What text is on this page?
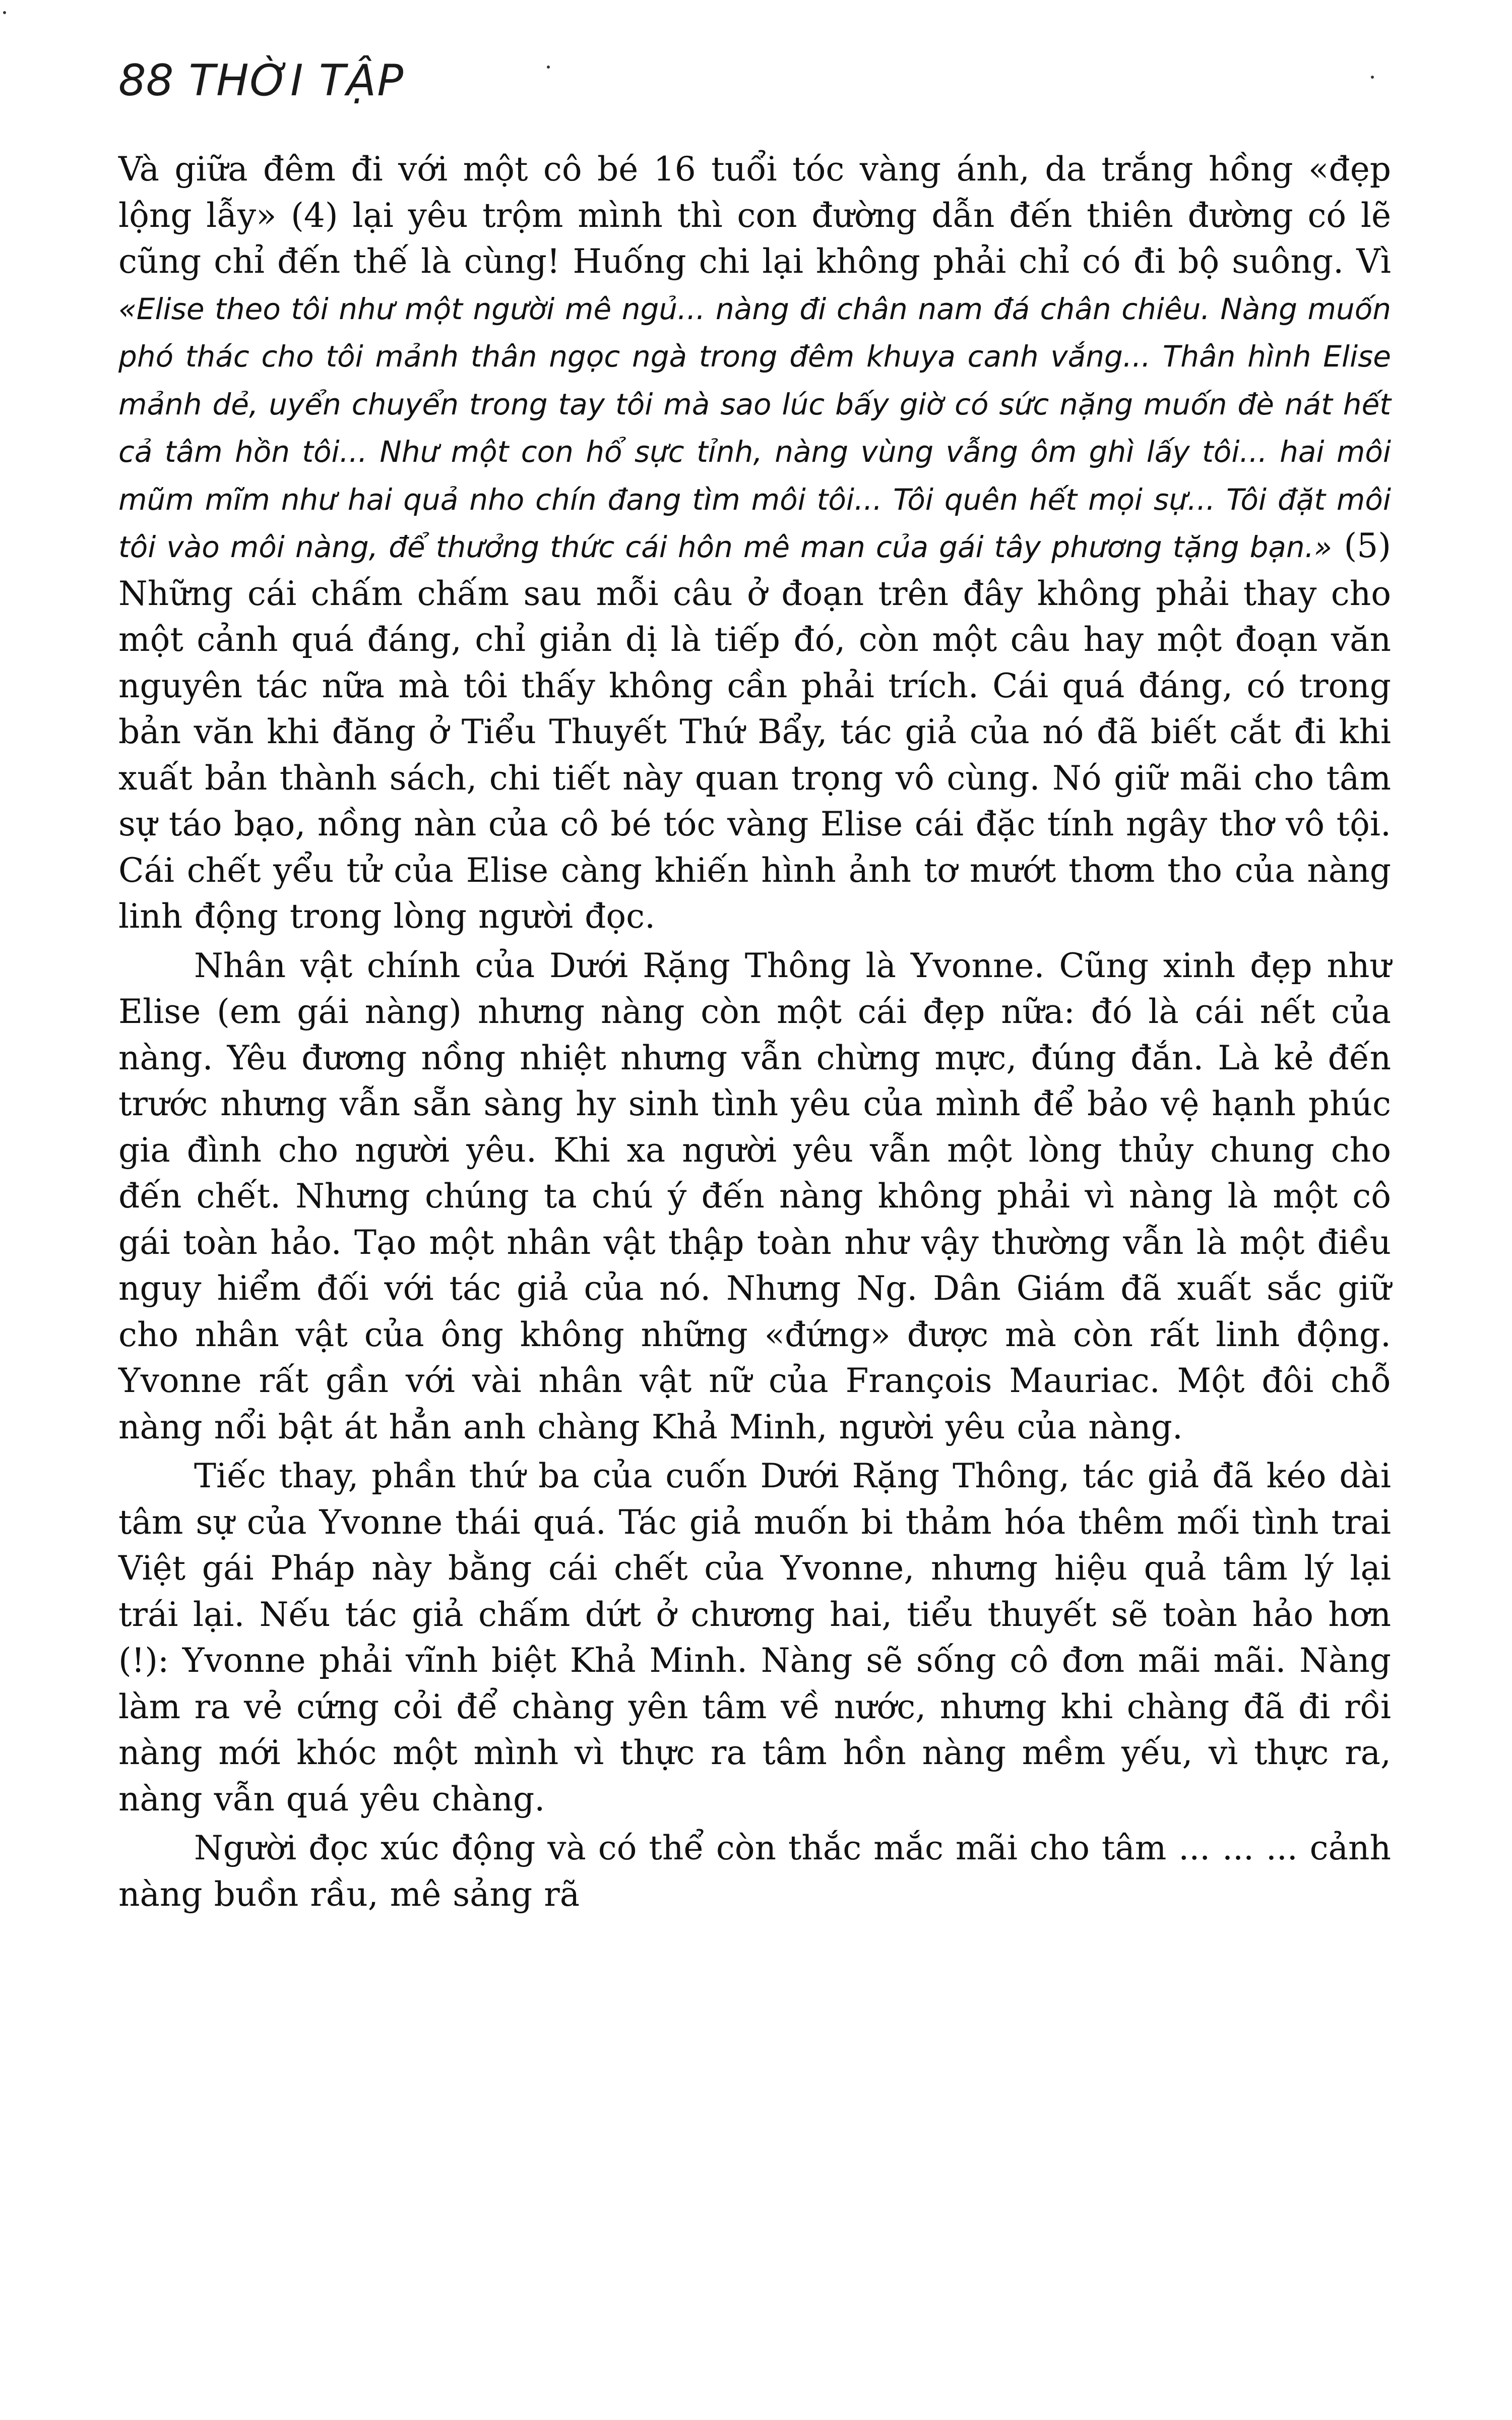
88 THỜI TẬP

Và giữa đêm đi với một cô bé 16 tuổi tóc vàng ánh, da trắng hồng «đẹp lộng lẫy» (4) lại yêu trộm mình thì con đường dẫn đến thiên đường có lẽ cũng chỉ đến thế là cùng! Huống chi lại không phải chỉ có đi bộ suông. Vì «Elise theo tôi như một người mê ngủ... nàng đi chân nam đá chân chiêu. Nàng muốn phó thác cho tôi mảnh thân ngọc ngà trong đêm khuya canh vắng... Thân hình Elise mảnh dẻ, uyển chuyển trong tay tôi mà sao lúc bấy giờ có sức nặng muốn đè nát hết cả tâm hồn tôi... Như một con hổ sực tỉnh, nàng vùng vẫng ôm ghì lấy tôi... hai môi mũm mĩm như hai quả nho chín đang tìm môi tôi... Tôi quên hết mọi sự... Tôi đặt môi tôi vào môi nàng, để thưởng thức cái hôn mê man của gái tây phương tặng bạn.» (5) Những cái chấm chấm sau mỗi câu ở đoạn trên đây không phải thay cho một cảnh quá đáng, chỉ giản dị là tiếp đó, còn một câu hay một đoạn văn nguyên tác nữa mà tôi thấy không cần phải trích. Cái quá đáng, có trong bản văn khi đăng ở Tiểu Thuyết Thứ Bẩy, tác giả của nó đã biết cắt đi khi xuất bản thành sách, chi tiết này quan trọng vô cùng. Nó giữ mãi cho tâm sự táo bạo, nồng nàn của cô bé tóc vàng Elise cái đặc tính ngây thơ vô tội. Cái chết yểu tử của Elise càng khiến hình ảnh tơ mướt thơm tho của nàng linh động trong lòng người đọc.

Nhân vật chính của Dưới Rặng Thông là Yvonne. Cũng xinh đẹp như Elise (em gái nàng) nhưng nàng còn một cái đẹp nữa: đó là cái nết của nàng. Yêu đương nồng nhiệt nhưng vẫn chừng mực, đúng đắn. Là kẻ đến trước nhưng vẫn sẵn sàng hy sinh tình yêu của mình để bảo vệ hạnh phúc gia đình cho người yêu. Khi xa người yêu vẫn một lòng thủy chung cho đến chết. Nhưng chúng ta chú ý đến nàng không phải vì nàng là một cô gái toàn hảo. Tạo một nhân vật thập toàn như vậy thường vẫn là một điều nguy hiểm đối với tác giả của nó. Nhưng Ng. Dân Giám đã xuất sắc giữ cho nhân vật của ông không những «đứng» được mà còn rất linh động. Yvonne rất gần với vài nhân vật nữ của François Mauriac. Một đôi chỗ nàng nổi bật át hẳn anh chàng Khả Minh, người yêu của nàng.

Tiếc thay, phần thứ ba của cuốn Dưới Rặng Thông, tác giả đã kéo dài tâm sự của Yvonne thái quá. Tác giả muốn bi thảm hóa thêm mối tình trai Việt gái Pháp này bằng cái chết của Yvonne, nhưng hiệu quả tâm lý lại trái lại. Nếu tác giả chấm dứt ở chương hai, tiểu thuyết sẽ toàn hảo hơn (!): Yvonne phải vĩnh biệt Khả Minh. Nàng sẽ sống cô đơn mãi mãi. Nàng làm ra vẻ cứng cỏi để chàng yên tâm về nước, nhưng khi chàng đã đi rồi nàng mới khóc một mình vì thực ra tâm hồn nàng mềm yếu, vì thực ra, nàng vẫn quá yêu chàng.

Người đọc xúc động và có thể còn thắc mắc mãi cho tâm ... ... ... cảnh nàng buồn rầu, mê sảng rã
